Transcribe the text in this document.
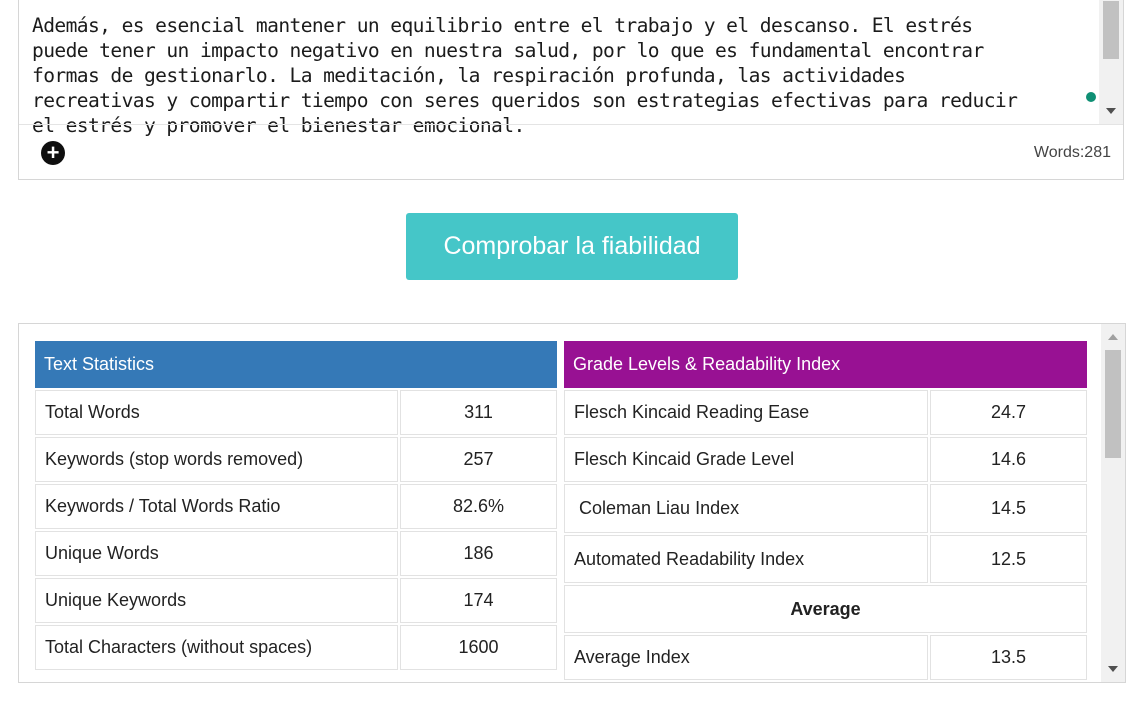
Además, es esencial mantener un equilibrio entre el trabajo y el descanso. El estrés
puede tener un impacto negativo en nuestra salud, por lo que es fundamental encontrar
formas de gestionarlo. La meditación, la respiración profunda, las actividades
recreativas y compartir tiempo con seres queridos son estrategias efectivas para reducir
el estrés y promover el bienestar emocional.
+	Words:281
Comprobar la fiabilidad
Text Statistics	
Total Words	311
Keywords (stop words removed)	257
Keywords / Total Words Ratio	82.6%
Unique Words	186
Unique Keywords	174
Total Characters (without spaces)	1600
Grade Levels & Readability Index	
Flesch Kincaid Reading Ease	24.7
Flesch Kincaid Grade Level	14.6
Coleman Liau Index	14.5
Automated Readability Index	12.5
Average	
Average Index	13.5
